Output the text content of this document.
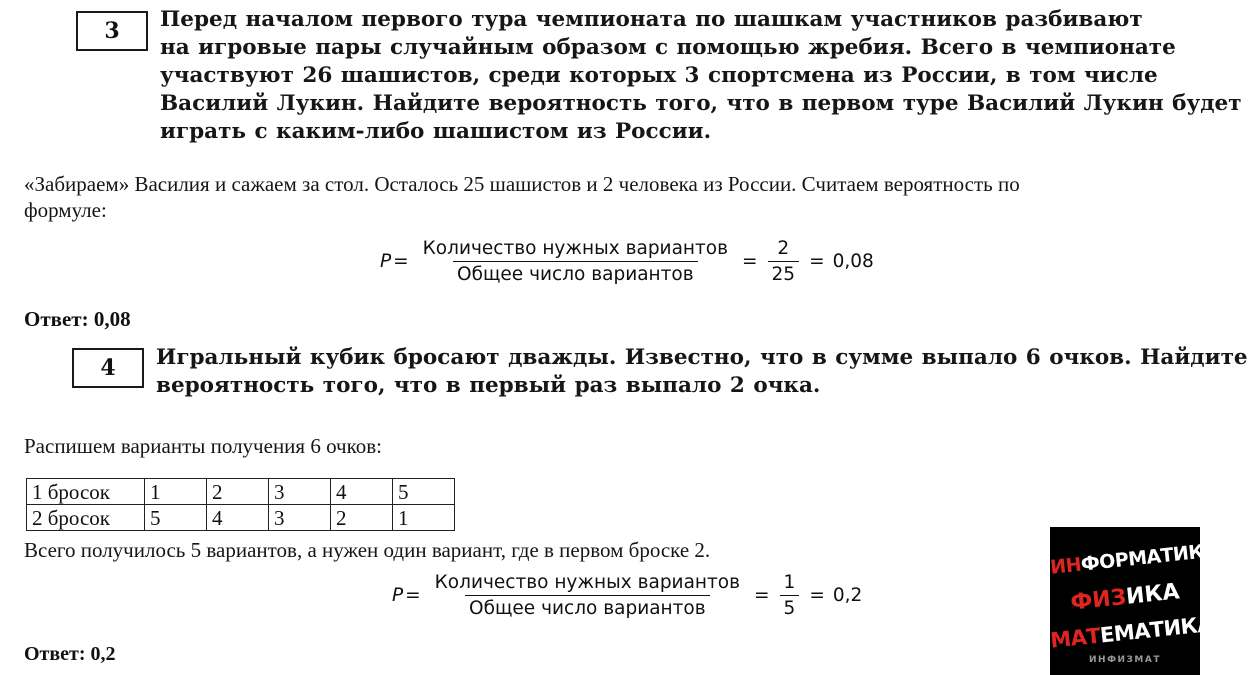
3 Перед началом первого тура чемпионата по шашкам участников разбивают
на игровые пары случайным образом с помощью жребия. Всего в чемпионате
участвуют 26 шашистов, среди которых 3 спортсмена из России, в том числе
Василий Лукин. Найдите вероятность того, что в первом туре Василий Лукин будет
играть с каким-либо шашистом из России.
«Забираем» Василия и сажаем за стол. Осталось 25 шашистов и 2 человека из России. Считаем вероятность по
формуле:
$P = \frac{\text{Количество нужных вариантов}}{\text{Общее число вариантов}} = \frac{2}{25} = 0,08$
Ответ: 0,08
4 Игральный кубик бросают дважды. Известно, что в сумме выпало 6 очков. Найдите
вероятность того, что в первый раз выпало 2 очка.
Распишем варианты получения 6 очков:
1 бросок	1	2	3	4	5
2 бросок	5	4	3	2	1
Всего получилось 5 вариантов, а нужен один вариант, где в первом броске 2.
$P = \frac{\text{Количество нужных вариантов}}{\text{Общее число вариантов}} = \frac{1}{5} = 0,2$
Ответ: 0,2
ИНФОРМАТИКА
ФИЗИКА
МАТЕМАТИКА
ИНФИЗМАТ
